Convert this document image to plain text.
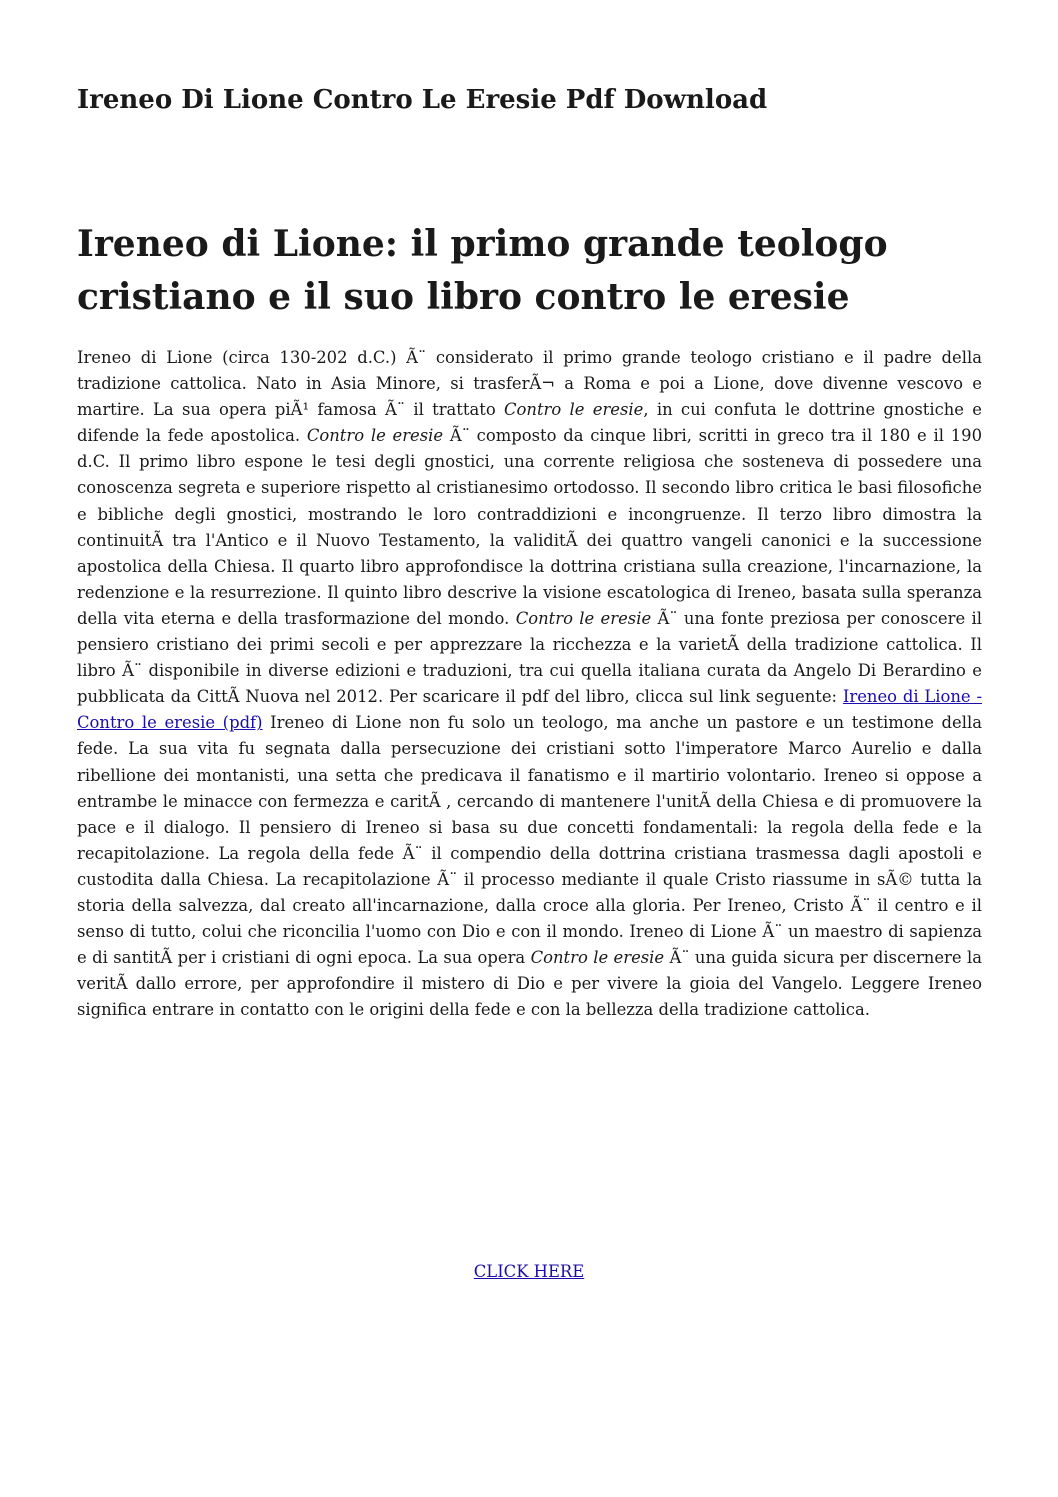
Ireneo Di Lione Contro Le Eresie Pdf Download
Ireneo di Lione: il primo grande teologo cristiano e il suo libro contro le eresie

Ireneo di Lione (circa 130-202 d.C.) Ã¨ considerato il primo grande teologo cristiano e il padre della tradizione cattolica. Nato in Asia Minore, si trasferÃ¬ a Roma e poi a Lione, dove divenne vescovo e martire. La sua opera piÃ¹ famosa Ã¨ il trattato Contro le eresie, in cui confuta le dottrine gnostiche e difende la fede apostolica. Contro le eresie Ã¨ composto da cinque libri, scritti in greco tra il 180 e il 190 d.C. Il primo libro espone le tesi degli gnostici, una corrente religiosa che sosteneva di possedere una conoscenza segreta e superiore rispetto al cristianesimo ortodosso. Il secondo libro critica le basi filosofiche e bibliche degli gnostici, mostrando le loro contraddizioni e incongruenze. Il terzo libro dimostra la continuitÃ tra l'Antico e il Nuovo Testamento, la validitÃ dei quattro vangeli canonici e la successione apostolica della Chiesa. Il quarto libro approfondisce la dottrina cristiana sulla creazione, l'incarnazione, la redenzione e la resurrezione. Il quinto libro descrive la visione escatologica di Ireneo, basata sulla speranza della vita eterna e della trasformazione del mondo. Contro le eresie Ã¨ una fonte preziosa per conoscere il pensiero cristiano dei primi secoli e per apprezzare la ricchezza e la varietÃ della tradizione cattolica. Il libro Ã¨ disponibile in diverse edizioni e traduzioni, tra cui quella italiana curata da Angelo Di Berardino e pubblicata da CittÃ Nuova nel 2012. Per scaricare il pdf del libro, clicca sul link seguente: Ireneo di Lione - Contro le eresie (pdf) Ireneo di Lione non fu solo un teologo, ma anche un pastore e un testimone della fede. La sua vita fu segnata dalla persecuzione dei cristiani sotto l'imperatore Marco Aurelio e dalla ribellione dei montanisti, una setta che predicava il fanatismo e il martirio volontario. Ireneo si oppose a entrambe le minacce con fermezza e caritÃ , cercando di mantenere l'unitÃ della Chiesa e di promuovere la pace e il dialogo. Il pensiero di Ireneo si basa su due concetti fondamentali: la regola della fede e la recapitolazione. La regola della fede Ã¨ il compendio della dottrina cristiana trasmessa dagli apostoli e custodita dalla Chiesa. La recapitolazione Ã¨ il processo mediante il quale Cristo riassume in sÃ© tutta la storia della salvezza, dal creato all'incarnazione, dalla croce alla gloria. Per Ireneo, Cristo Ã¨ il centro e il senso di tutto, colui che riconcilia l'uomo con Dio e con il mondo. Ireneo di Lione Ã¨ un maestro di sapienza e di santitÃ per i cristiani di ogni epoca. La sua opera Contro le eresie Ã¨ una guida sicura per discernere la veritÃ dallo errore, per approfondire il mistero di Dio e per vivere la gioia del Vangelo. Leggere Ireneo significa entrare in contatto con le origini della fede e con la bellezza della tradizione cattolica.

CLICK HERE
